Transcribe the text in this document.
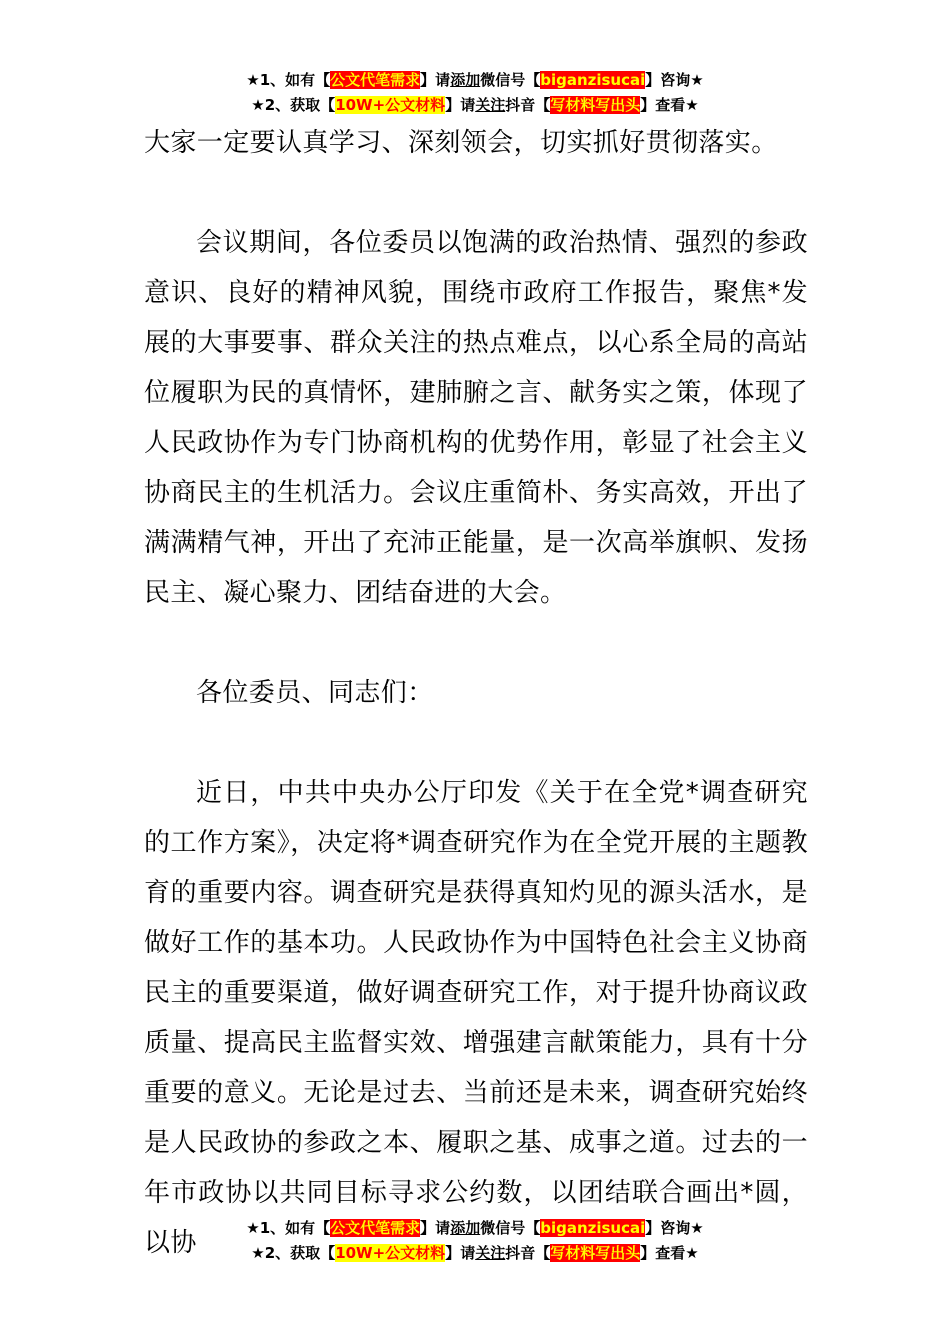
★1、如有【公文代笔需求】请添加微信号【biganzisucai】咨询★
★2、获取【10W+公文材料】请关注抖音【写材料写出头】查看★

大家一定要认真学习、深刻领会，切实抓好贯彻落实。

会议期间，各位委员以饱满的政治热情、强烈的参政意识、良好的精神风貌，围绕市政府工作报告，聚焦*发展的大事要事、群众关注的热点难点，以心系全局的高站位履职为民的真情怀，建肺腑之言、献务实之策，体现了人民政协作为专门协商机构的优势作用，彰显了社会主义协商民主的生机活力。会议庄重简朴、务实高效，开出了满满精气神，开出了充沛正能量，是一次高举旗帜、发扬民主、凝心聚力、团结奋进的大会。

各位委员、同志们：

近日，中共中央办公厅印发《关于在全党*调查研究的工作方案》，决定将*调查研究作为在全党开展的主题教育的重要内容。调查研究是获得真知灼见的源头活水，是做好工作的基本功。人民政协作为中国特色社会主义协商民主的重要渠道，做好调查研究工作，对于提升协商议政质量、提高民主监督实效、增强建言献策能力，具有十分重要的意义。无论是过去、当前还是未来，调查研究始终是人民政协的参政之本、履职之基、成事之道。过去的一年市政协以共同目标寻求公约数，以团结联合画出*圆，以协	★1、如有【公文代笔需求】请添加微信号【biganzisucai】咨询★
★2、获取【10W+公文材料】请关注抖音【写材料写出头】查看★
